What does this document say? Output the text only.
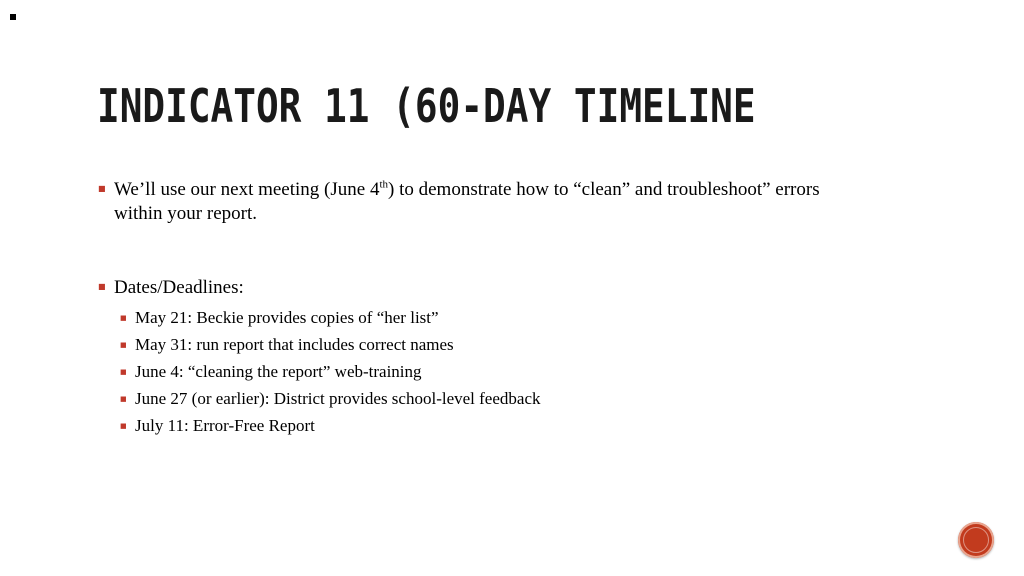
INDICATOR 11 (60-DAY TIMELINE
■ We’ll use our next meeting (June 4th) to demonstrate how to “clean” and troubleshoot” errors within your report.
■ Dates/Deadlines:
■ May 21: Beckie provides copies of “her list”
■ May 31: run report that includes correct names
■ June 4: “cleaning the report” web-training
■ June 27 (or earlier): District provides school-level feedback
■ July 11: Error-Free Report
